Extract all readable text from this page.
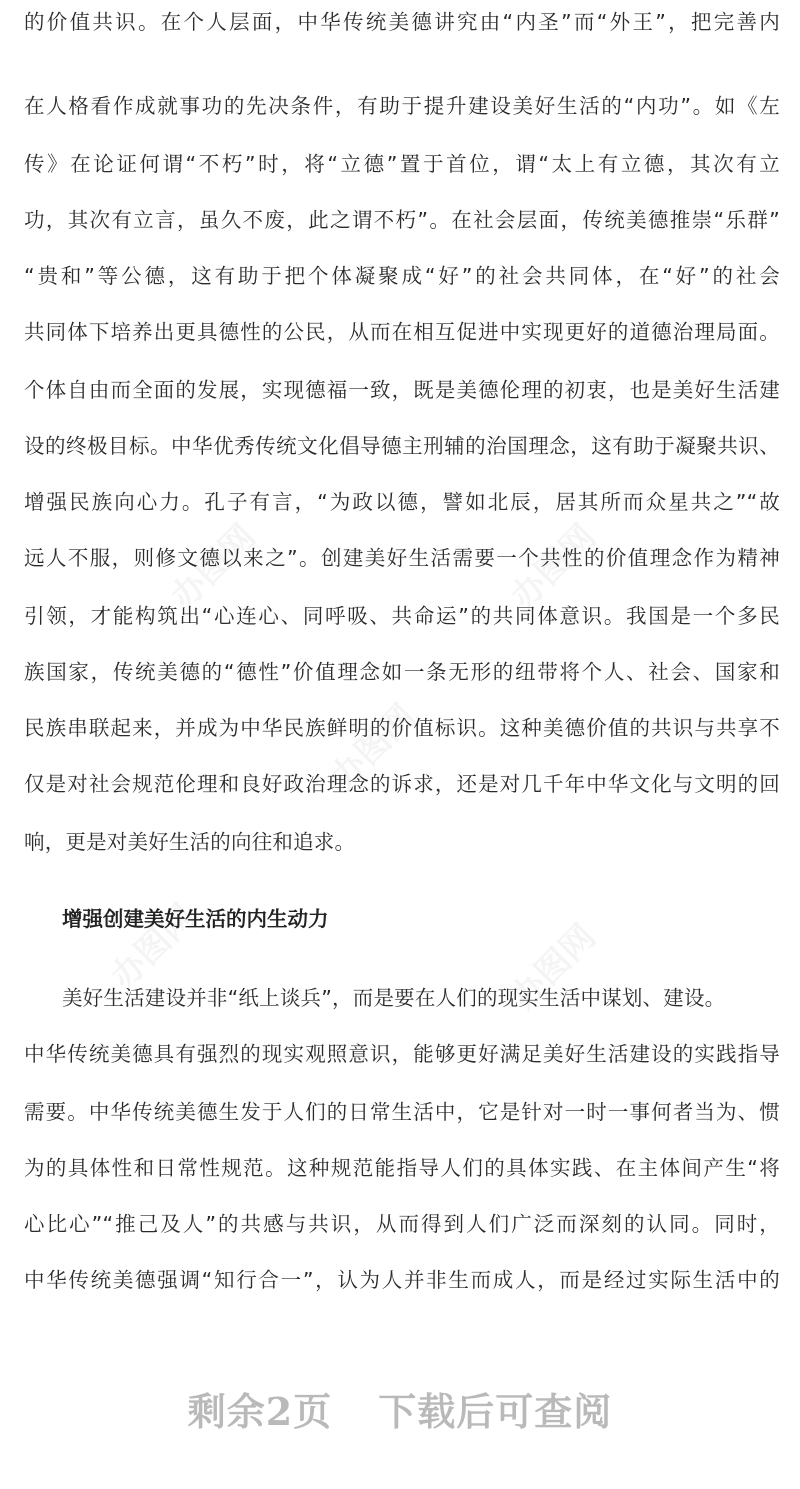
的价值共识。在个人层面，中华传统美德讲究由“内圣”而“外王”，把完善内
在人格看作成就事功的先决条件，有助于提升建设美好生活的“内功”。如《左
传》在论证何谓“不朽”时，将“立德”置于首位，谓“太上有立德，其次有立
功，其次有立言，虽久不废，此之谓不朽”。在社会层面，传统美德推崇“乐群”
“贵和”等公德，这有助于把个体凝聚成“好”的社会共同体，在“好”的社会
共同体下培养出更具德性的公民，从而在相互促进中实现更好的道德治理局面。
个体自由而全面的发展，实现德福一致，既是美德伦理的初衷，也是美好生活建
设的终极目标。中华优秀传统文化倡导德主刑辅的治国理念，这有助于凝聚共识、
增强民族向心力。孔子有言，“为政以德，譬如北辰，居其所而众星共之”“故
远人不服，则修文德以来之”。创建美好生活需要一个共性的价值理念作为精神
引领，才能构筑出“心连心、同呼吸、共命运”的共同体意识。我国是一个多民
族国家，传统美德的“德性”价值理念如一条无形的纽带将个人、社会、国家和
民族串联起来，并成为中华民族鲜明的价值标识。这种美德价值的共识与共享不
仅是对社会规范伦理和良好政治理念的诉求，还是对几千年中华文化与文明的回
响，更是对美好生活的向往和追求。
增强创建美好生活的内生动力
美好生活建设并非“纸上谈兵”，而是要在人们的现实生活中谋划、建设。
中华传统美德具有强烈的现实观照意识，能够更好满足美好生活建设的实践指导
需要。中华传统美德生发于人们的日常生活中，它是针对一时一事何者当为、惯
为的具体性和日常性规范。这种规范能指导人们的具体实践、在主体间产生“将
心比心”“推己及人”的共感与共识，从而得到人们广泛而深刻的认同。同时，
中华传统美德强调“知行合一”，认为人并非生而成人，而是经过实际生活中的
剩余2页 下载后可查阅
